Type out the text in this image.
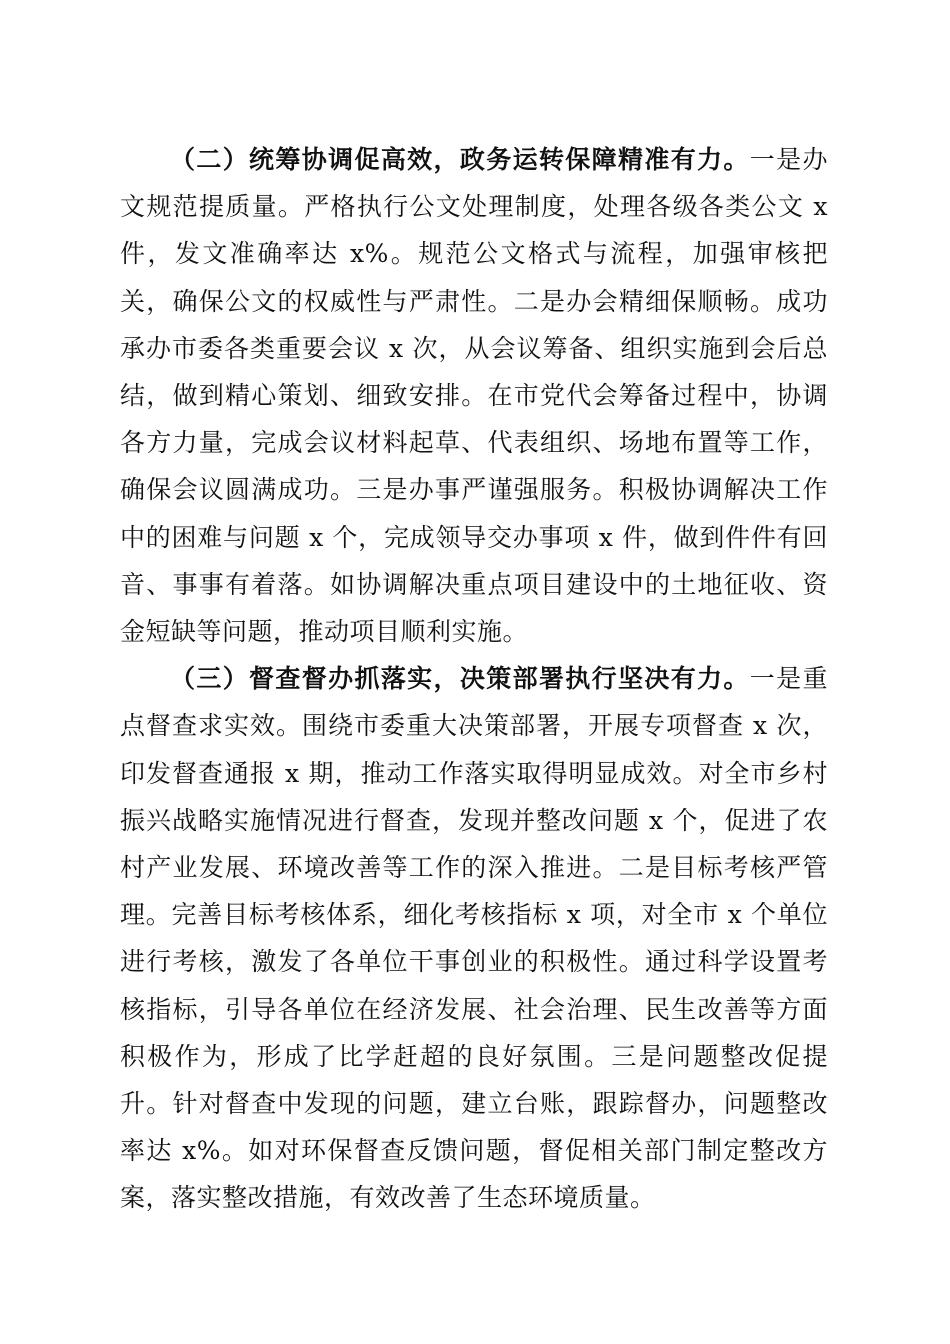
（二）统筹协调促高效，政务运转保障精准有力。一是办文规范提质量。严格执行公文处理制度，处理各级各类公文 x 件，发文准确率达 x%。规范公文格式与流程，加强审核把关，确保公文的权威性与严肃性。二是办会精细保顺畅。成功承办市委各类重要会议 x 次，从会议筹备、组织实施到会后总结，做到精心策划、细致安排。在市党代会筹备过程中，协调各方力量，完成会议材料起草、代表组织、场地布置等工作，确保会议圆满成功。三是办事严谨强服务。积极协调解决工作中的困难与问题 x 个，完成领导交办事项 x 件，做到件件有回音、事事有着落。如协调解决重点项目建设中的土地征收、资金短缺等问题，推动项目顺利实施。

（三）督查督办抓落实，决策部署执行坚决有力。一是重点督查求实效。围绕市委重大决策部署，开展专项督查 x 次，印发督查通报 x 期，推动工作落实取得明显成效。对全市乡村振兴战略实施情况进行督查，发现并整改问题 x 个，促进了农村产业发展、环境改善等工作的深入推进。二是目标考核严管理。完善目标考核体系，细化考核指标 x 项，对全市 x 个单位进行考核，激发了各单位干事创业的积极性。通过科学设置考核指标，引导各单位在经济发展、社会治理、民生改善等方面积极作为，形成了比学赶超的良好氛围。三是问题整改促提升。针对督查中发现的问题，建立台账，跟踪督办，问题整改率达 x%。如对环保督查反馈问题，督促相关部门制定整改方案，落实整改措施，有效改善了生态环境质量。
